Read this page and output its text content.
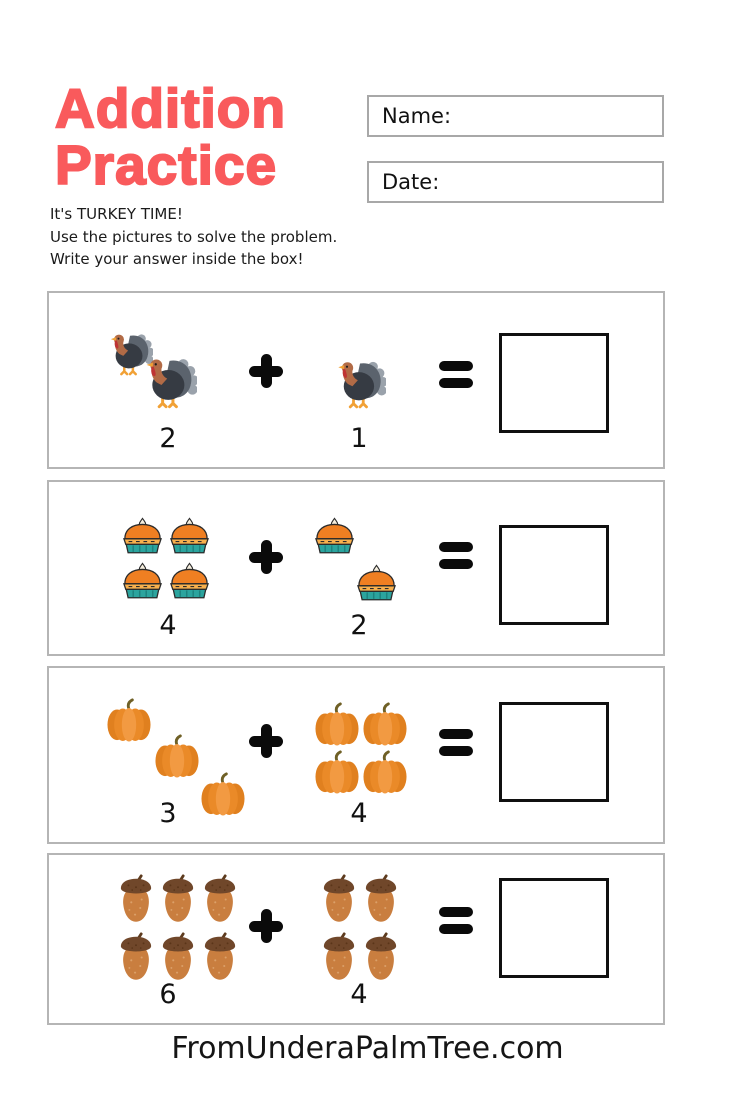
Addition
Practice
Name:
Date:
It's TURKEY TIME!
Use the pictures to solve the problem.
Write your answer inside the box!
2	1
4	2
3	4
6	4
FromUnderaPalmTree.com
